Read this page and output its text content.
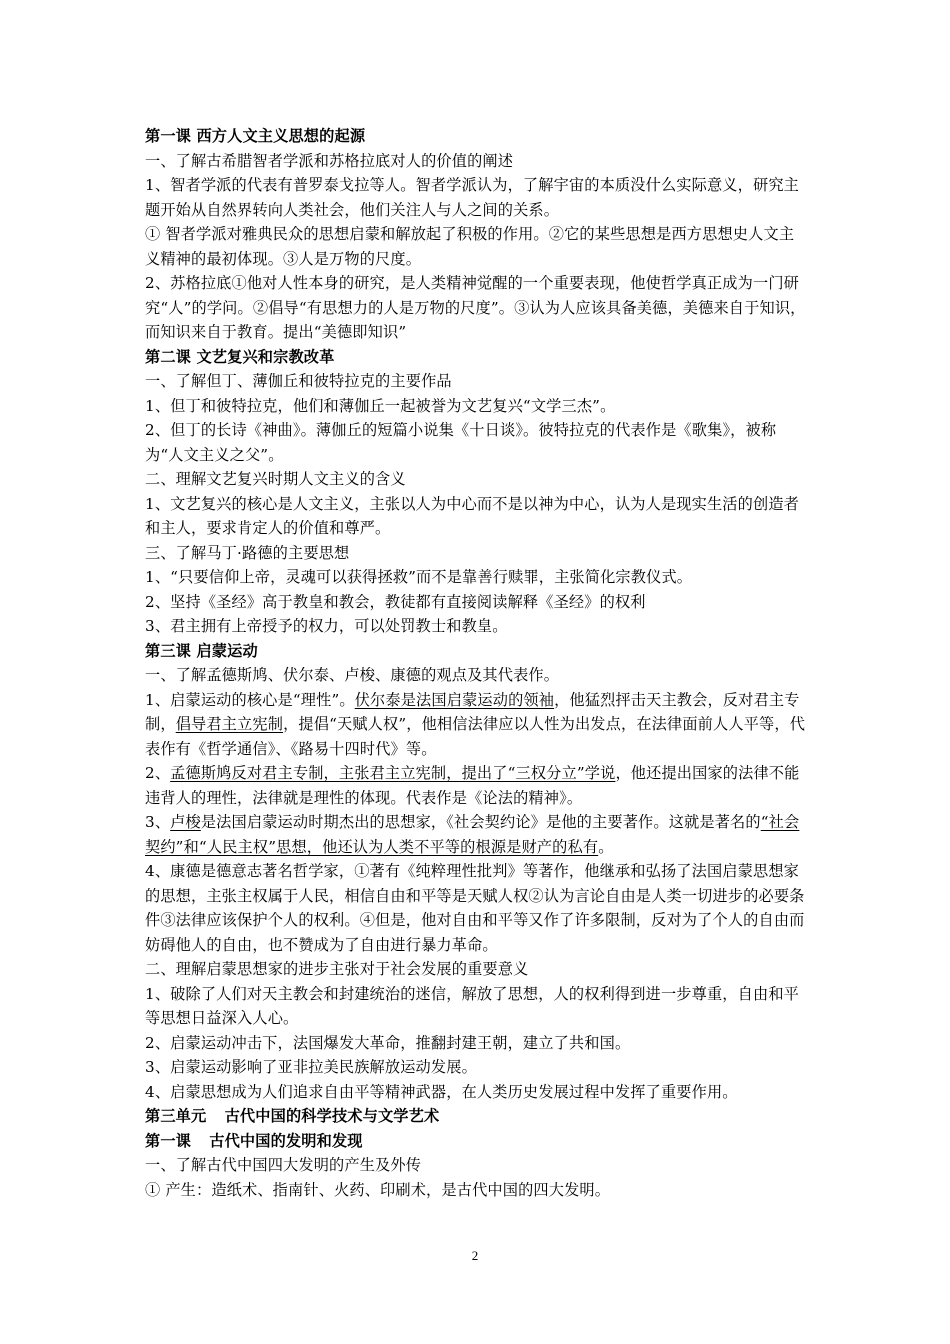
第一课 西方人文主义思想的起源

一、了解古希腊智者学派和苏格拉底对人的价值的阐述

1、智者学派的代表有普罗泰戈拉等人。智者学派认为，了解宇宙的本质没什么实际意义，研究主题开始从自然界转向人类社会，他们关注人与人之间的关系。

① 智者学派对雅典民众的思想启蒙和解放起了积极的作用。②它的某些思想是西方思想史人文主义精神的最初体现。③人是万物的尺度。

2、苏格拉底①他对人性本身的研究，是人类精神觉醒的一个重要表现，他使哲学真正成为一门研究“人”的学问。②倡导“有思想力的人是万物的尺度”。③认为人应该具备美德，美德来自于知识，而知识来自于教育。提出“美德即知识”

第二课 文艺复兴和宗教改革

一、了解但丁、薄伽丘和彼特拉克的主要作品

1、但丁和彼特拉克，他们和薄伽丘一起被誉为文艺复兴“文学三杰”。

2、但丁的长诗《神曲》。薄伽丘的短篇小说集《十日谈》。彼特拉克的代表作是《歌集》，被称为“人文主义之父”。

二、理解文艺复兴时期人文主义的含义

1、文艺复兴的核心是人文主义，主张以人为中心而不是以神为中心，认为人是现实生活的创造者和主人，要求肯定人的价值和尊严。

三、了解马丁·路德的主要思想

1、“只要信仰上帝，灵魂可以获得拯救”而不是靠善行赎罪，主张简化宗教仪式。

2、坚持《圣经》高于教皇和教会，教徒都有直接阅读解释《圣经》的权利

3、君主拥有上帝授予的权力，可以处罚教士和教皇。

第三课 启蒙运动

一、了解孟德斯鸠、伏尔泰、卢梭、康德的观点及其代表作。

1、启蒙运动的核心是“理性”。伏尔泰是法国启蒙运动的领袖，他猛烈抨击天主教会，反对君主专制，倡导君主立宪制，提倡“天赋人权”，他相信法律应以人性为出发点，在法律面前人人平等，代表作有《哲学通信》、《路易十四时代》等。

2、孟德斯鸠反对君主专制，主张君主立宪制，提出了“三权分立”学说，他还提出国家的法律不能违背人的理性，法律就是理性的体现。代表作是《论法的精神》。

3、卢梭是法国启蒙运动时期杰出的思想家，《社会契约论》是他的主要著作。这就是著名的“社会契约”和“人民主权”思想，他还认为人类不平等的根源是财产的私有。

4、康德是德意志著名哲学家，①著有《纯粹理性批判》等著作，他继承和弘扬了法国启蒙思想家的思想，主张主权属于人民，相信自由和平等是天赋人权②认为言论自由是人类一切进步的必要条件③法律应该保护个人的权利。④但是，他对自由和平等又作了许多限制，反对为了个人的自由而妨碍他人的自由，也不赞成为了自由进行暴力革命。

二、理解启蒙思想家的进步主张对于社会发展的重要意义

1、破除了人们对天主教会和封建统治的迷信，解放了思想，人的权利得到进一步尊重，自由和平等思想日益深入人心。

2、启蒙运动冲击下，法国爆发大革命，推翻封建王朝，建立了共和国。

3、启蒙运动影响了亚非拉美民族解放运动发展。

4、启蒙思想成为人们追求自由平等精神武器，在人类历史发展过程中发挥了重要作用。

第三单元 古代中国的科学技术与文学艺术

第一课 古代中国的发明和发现

一、了解古代中国四大发明的产生及外传

① 产生：造纸术、指南针、火药、印刷术，是古代中国的四大发明。

2
